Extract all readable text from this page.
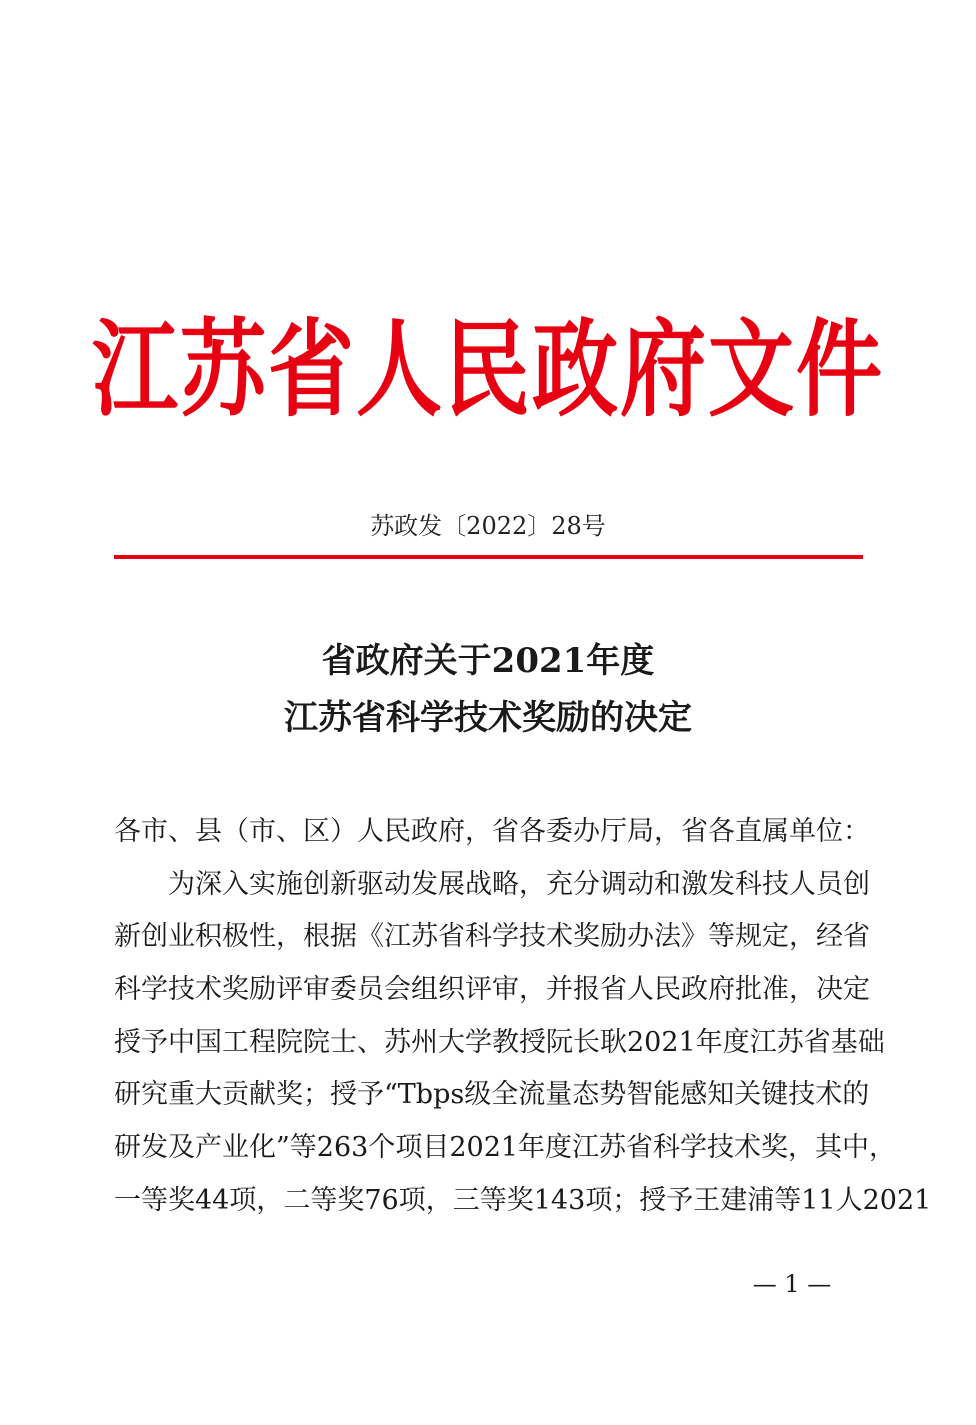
江苏省人民政府文件
苏政发〔2022〕28号
省政府关于2021年度
江苏省科学技术奖励的决定
各市、县（市、区）人民政府，省各委办厅局，省各直属单位：
为深入实施创新驱动发展战略，充分调动和激发科技人员创
新创业积极性，根据《江苏省科学技术奖励办法》等规定，经省
科学技术奖励评审委员会组织评审，并报省人民政府批准，决定
授予中国工程院院士、苏州大学教授阮长耿2021年度江苏省基础
研究重大贡献奖；授予“Tbps级全流量态势智能感知关键技术的
研发及产业化”等263个项目2021年度江苏省科学技术奖，其中，
一等奖44项，二等奖76项，三等奖143项；授予王建浦等11人2021
— 1 —
